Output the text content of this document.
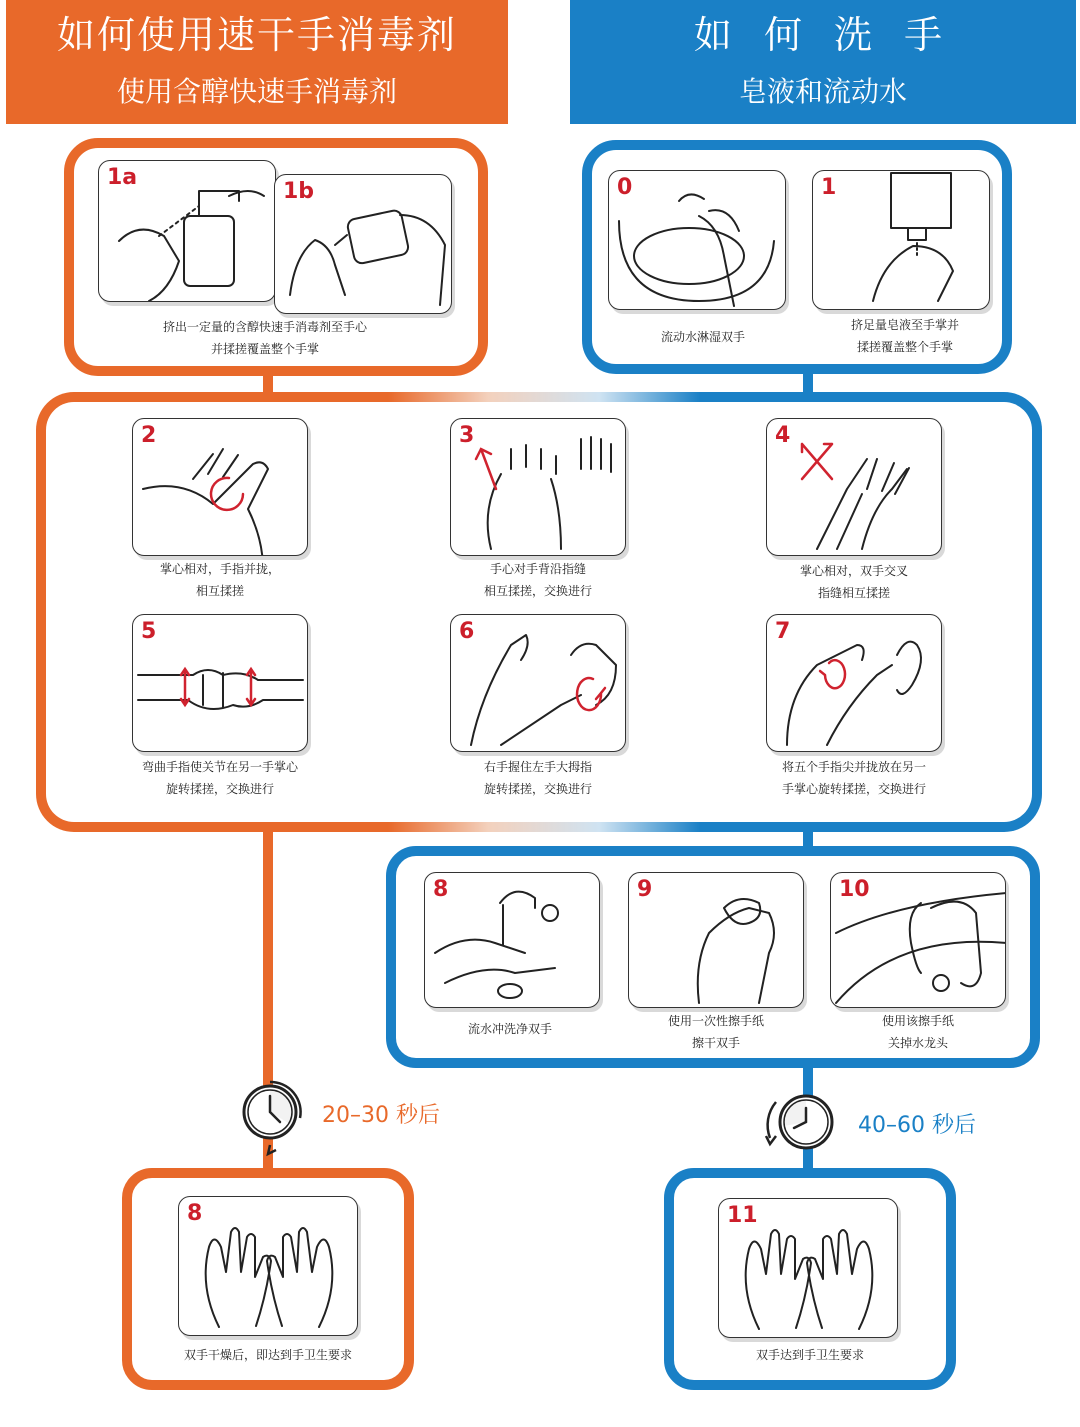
如何使用速干手消毒剂
使用含醇快速手消毒剂
如 何 洗 手
皂液和流动水
1a
1b
挤出一定量的含醇快速手消毒剂至手心
并揉搓覆盖整个手掌
0	1
流动水淋湿双手
挤足量皂液至手掌并
揉搓覆盖整个手掌
2
掌心相对，手指并拢，
相互揉搓
3
手心对手背沿指缝
相互揉搓，交换进行
4
掌心相对，双手交叉
指缝相互揉搓
5
弯曲手指使关节在另一手掌心
旋转揉搓，交换进行
6
右手握住左手大拇指
旋转揉搓，交换进行
7
将五个手指尖并拢放在另一
手掌心旋转揉搓，交换进行
8
流水冲洗净双手
9
使用一次性擦手纸
擦干双手
10
使用该擦手纸
关掉水龙头
20–30 秒后	40–60 秒后
8
双手干燥后，即达到手卫生要求
11
双手达到手卫生要求
